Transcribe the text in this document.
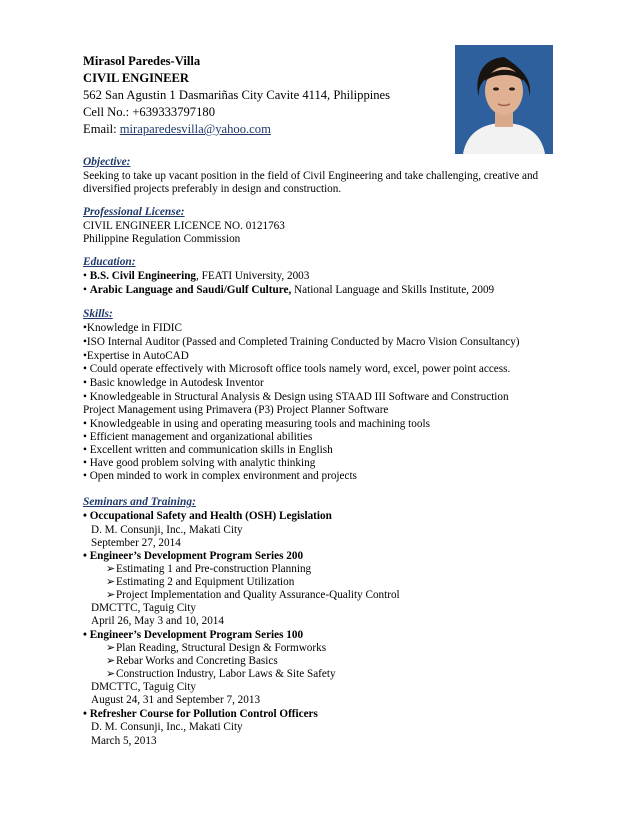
Mirasol Paredes-Villa
CIVIL ENGINEER
562 San Agustin 1 Dasmariñas City Cavite 4114, Philippines
Cell No.: +639333797180
Email: miraparedesvilla@yahoo.com
Objective:
Seeking to take up vacant position in the field of Civil Engineering and take challenging, creative and
diversified projects preferably in design and construction.
Professional License:
CIVIL ENGINEER LICENCE NO. 0121763
Philippine Regulation Commission
Education:
• B.S. Civil Engineering, FEATI University, 2003
• Arabic Language and Saudi/Gulf Culture, National Language and Skills Institute, 2009
Skills:
•Knowledge in FIDIC
•ISO Internal Auditor (Passed and Completed Training Conducted by Macro Vision Consultancy)
•Expertise in AutoCAD
• Could operate effectively with Microsoft office tools namely word, excel, power point access.
• Basic knowledge in Autodesk Inventor
• Knowledgeable in Structural Analysis & Design using STAAD III Software and Construction
Project Management using Primavera (P3) Project Planner Software
• Knowledgeable in using and operating measuring tools and machining tools
• Efficient management and organizational abilities
• Excellent written and communication skills in English
• Have good problem solving with analytic thinking
• Open minded to work in complex environment and projects
Seminars and Training:
• Occupational Safety and Health (OSH) Legislation
D. M. Consunji, Inc., Makati City
September 27, 2014
• Engineer’s Development Program Series 200
➢Estimating 1 and Pre-construction Planning
➢Estimating 2 and Equipment Utilization
➢Project Implementation and Quality Assurance-Quality Control
DMCTTC, Taguig City
April 26, May 3 and 10, 2014
• Engineer’s Development Program Series 100
➢Plan Reading, Structural Design & Formworks
➢Rebar Works and Concreting Basics
➢Construction Industry, Labor Laws & Site Safety
DMCTTC, Taguig City
August 24, 31 and September 7, 2013
• Refresher Course for Pollution Control Officers
D. M. Consunji, Inc., Makati City
March 5, 2013
